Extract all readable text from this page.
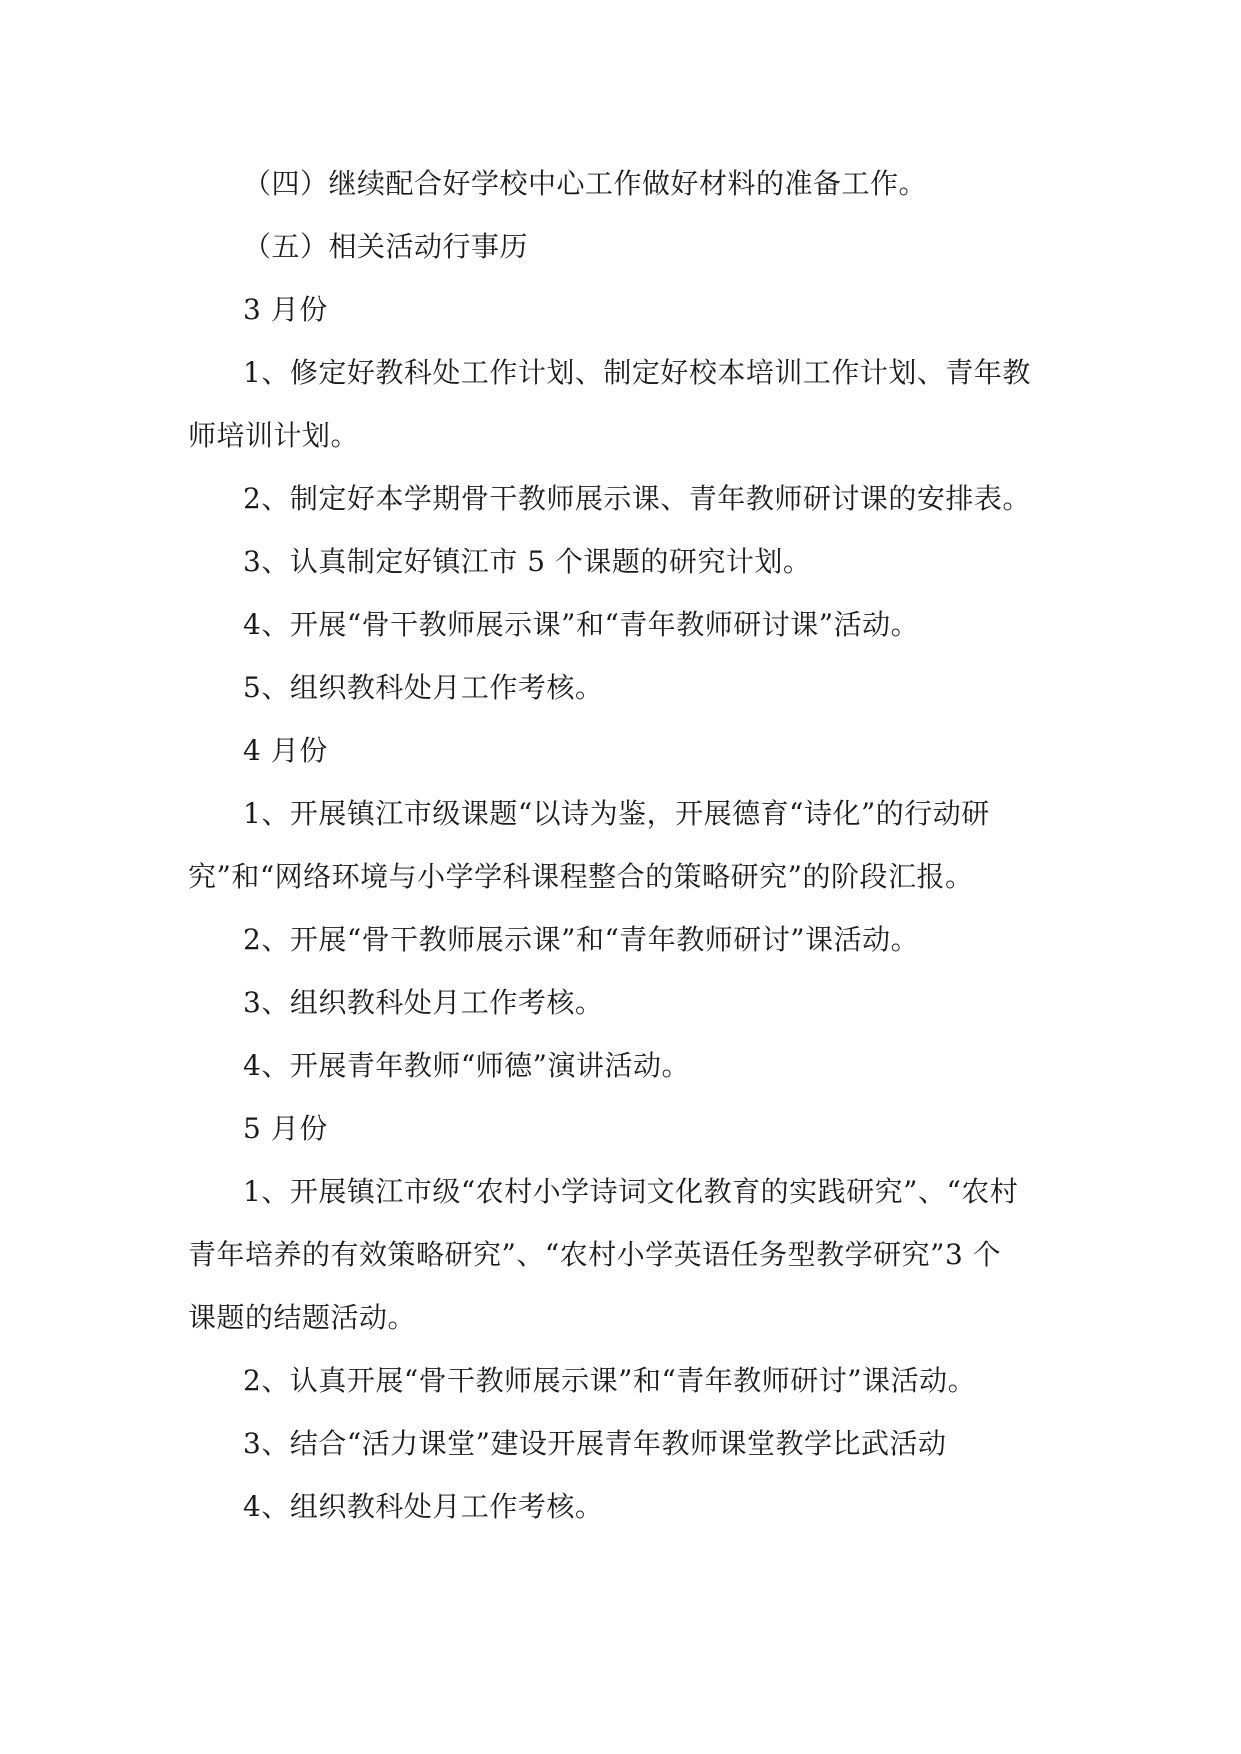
（四）继续配合好学校中心工作做好材料的准备工作。
（五）相关活动行事历
3 月份
1、修定好教科处工作计划、制定好校本培训工作计划、青年教
师培训计划。
2、制定好本学期骨干教师展示课、青年教师研讨课的安排表。
3、认真制定好镇江市 5 个课题的研究计划。
4、开展“骨干教师展示课”和“青年教师研讨课”活动。
5、组织教科处月工作考核。
4 月份
1、开展镇江市级课题“以诗为鉴，开展德育“诗化”的行动研
究”和“网络环境与小学学科课程整合的策略研究”的阶段汇报。
2、开展“骨干教师展示课”和“青年教师研讨”课活动。
3、组织教科处月工作考核。
4、开展青年教师“师德”演讲活动。
5 月份
1、开展镇江市级“农村小学诗词文化教育的实践研究”、“农村
青年培养的有效策略研究”、“农村小学英语任务型教学研究”3 个
课题的结题活动。
2、认真开展“骨干教师展示课”和“青年教师研讨”课活动。
3、结合“活力课堂”建设开展青年教师课堂教学比武活动
4、组织教科处月工作考核。
